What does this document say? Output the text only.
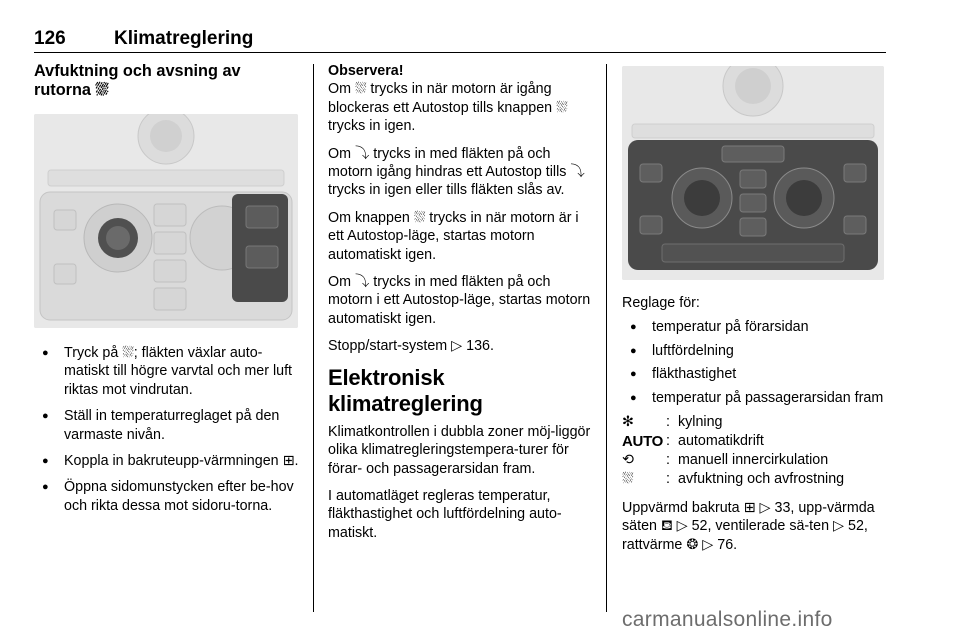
126	Klimatreglering
Avfuktning och avsning av rutorna ⛆
● Tryck på ⛆; fläkten växlar auto-matiskt till högre varvtal och mer luft riktas mot vindrutan.
● Ställ in temperaturreglaget på den varmaste nivån.
● Koppla in bakruteupp-värmningen ⊞.
● Öppna sidomunstycken efter be-hov och rikta dessa mot sidoru-torna.

Observera!

Om ⛆ trycks in när motorn är igång blockeras ett Autostop tills knappen ⛆ trycks in igen.

Om ⤵ trycks in med fläkten på och motorn igång hindras ett Autostop tills ⤵ trycks in igen eller tills fläkten slås av.

Om knappen ⛆ trycks in när motorn är i ett Autostop-läge, startas motorn automatiskt igen.

Om ⤵ trycks in med fläkten på och motorn i ett Autostop-läge, startas motorn automatiskt igen.

Stopp/start-system ▷ 136.

Elektronisk klimatreglering

Klimatkontrollen i dubbla zoner möj-liggör olika klimatregleringstempera-turer för förar- och passagerarsidan fram.

I automatläget regleras temperatur, fläkthastighet och luftfördelning auto-matiskt.

Reglage för:

● temperatur på förarsidan
● luftfördelning
● fläkthastighet
● temperatur på passagerarsidan fram
✻	: kylning
AUTO : automatikdrift
⟲	: manuell innercirkulation
⛆	: avfuktning och avfrostning

Uppvärmd bakruta ⊞ ▷ 33, upp-värmda säten ⛾ ▷ 52, ventilerade sä-ten ▷ 52, rattvärme ❂ ▷ 76.

carmanualsonline.info
